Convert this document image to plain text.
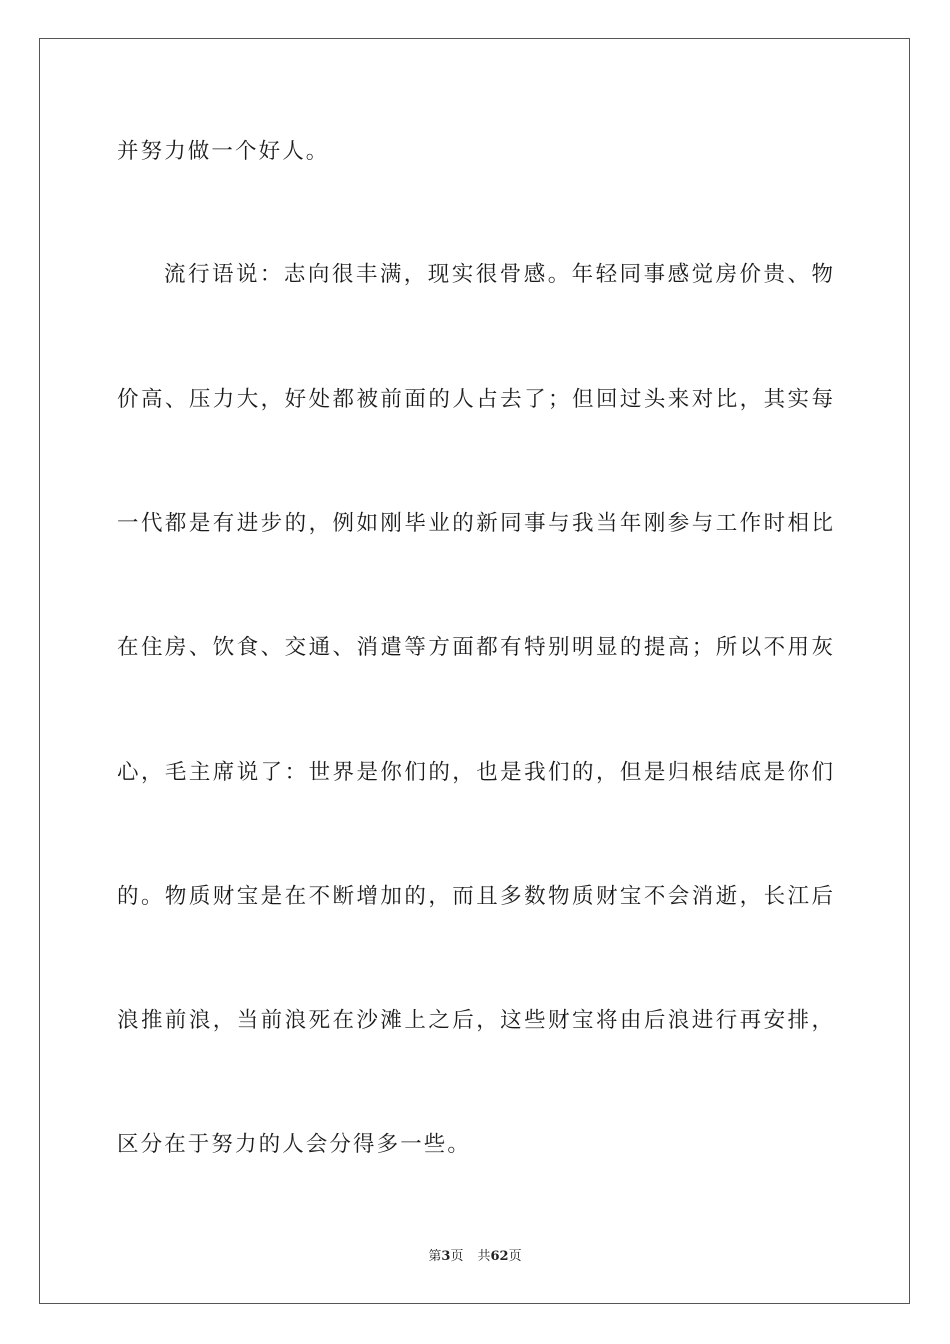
并努力做一个好人。
流行语说：志向很丰满，现实很骨感。年轻同事感觉房价贵、物
价高、压力大，好处都被前面的人占去了；但回过头来对比，其实每
一代都是有进步的，例如刚毕业的新同事与我当年刚参与工作时相比
在住房、饮食、交通、消遣等方面都有特别明显的提高；所以不用灰
心，毛主席说了：世界是你们的，也是我们的，但是归根结底是你们
的。物质财宝是在不断增加的，而且多数物质财宝不会消逝，长江后
浪推前浪，当前浪死在沙滩上之后，这些财宝将由后浪进行再安排，
区分在于努力的人会分得多一些。
第3页 共62页
